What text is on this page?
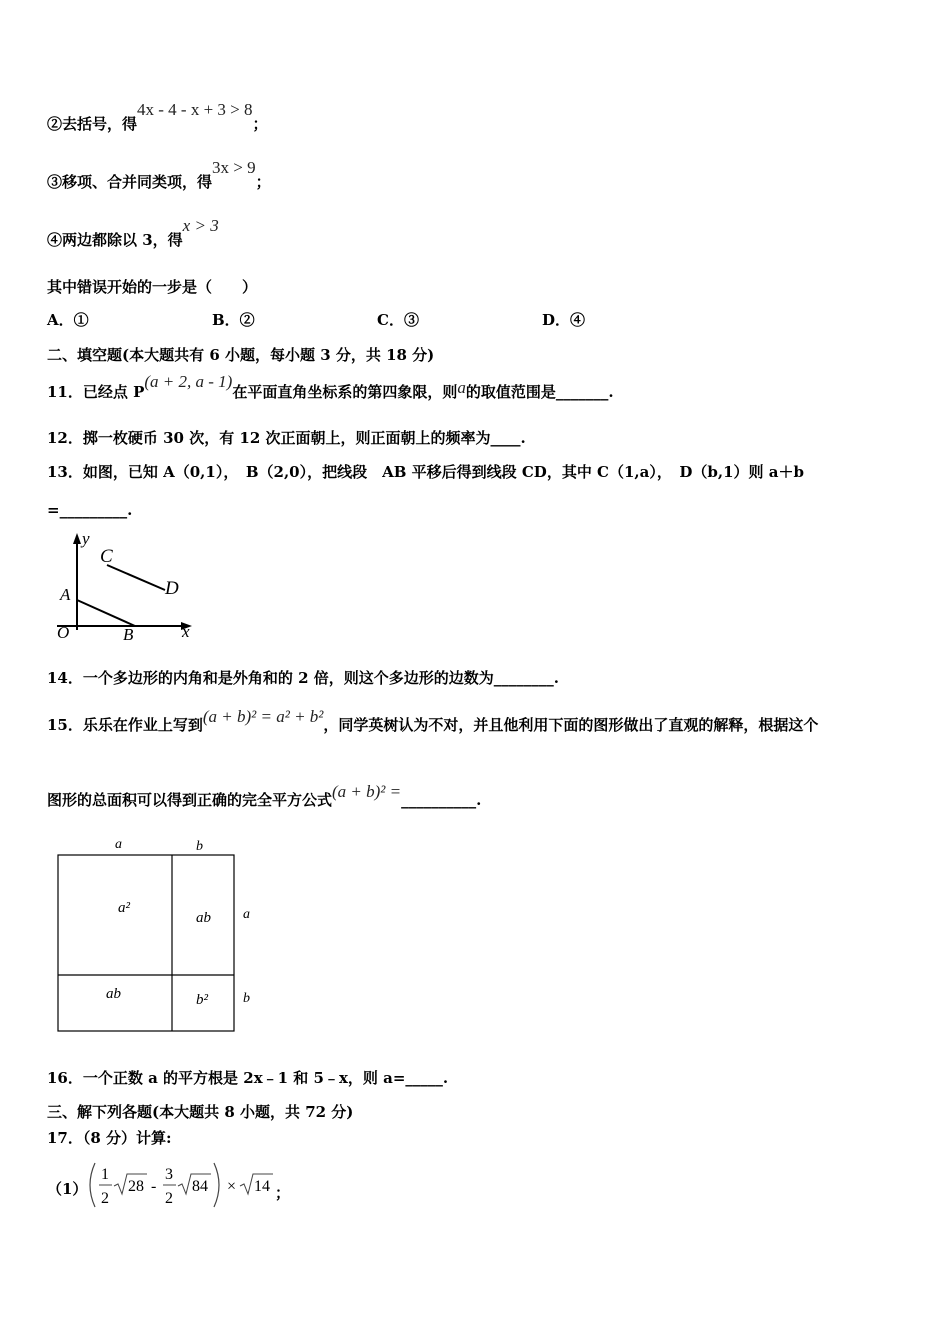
②去括号，得4x - 4 - x + 3 > 8；
③移项、合并同类项，得3x > 9；
④两边都除以 3，得x > 3
其中错误开始的一步是（　　）
A．①	B．②	C．③	D．④
二、填空题(本大题共有 6 小题，每小题 3 分，共 18 分)
11．已经点 P(a + 2, a - 1)在平面直角坐标系的第四象限，则a的取值范围是_______.
12．掷一枚硬币 30 次，有 12 次正面朝上，则正面朝上的频率为____.
13．如图，已知 A（0,1），　B（2,0），把线段　AB 平移后得到线段 CD，其中 C（1,a），　D（b,1）则 a＋b
=_________.
y
x
O
A
B
C
D
14．一个多边形的内角和是外角和的 2 倍，则这个多边形的边数为________.
15．乐乐在作业上写到(a + b)² = a² + b²，同学英树认为不对，并且他利用下面的图形做出了直观的解释，根据这个
图形的总面积可以得到正确的完全平方公式(a + b)² =__________.
a	b
a
b
a²
ab
ab	b²
16．一个正数 a 的平方根是 2x﹣1 和 5﹣x，则 a=_____.
三、解下列各题(本大题共 8 小题，共 72 分)
17．（8 分）计算:
（1）
1
2
28 -
3
2
84 × 14 ；
